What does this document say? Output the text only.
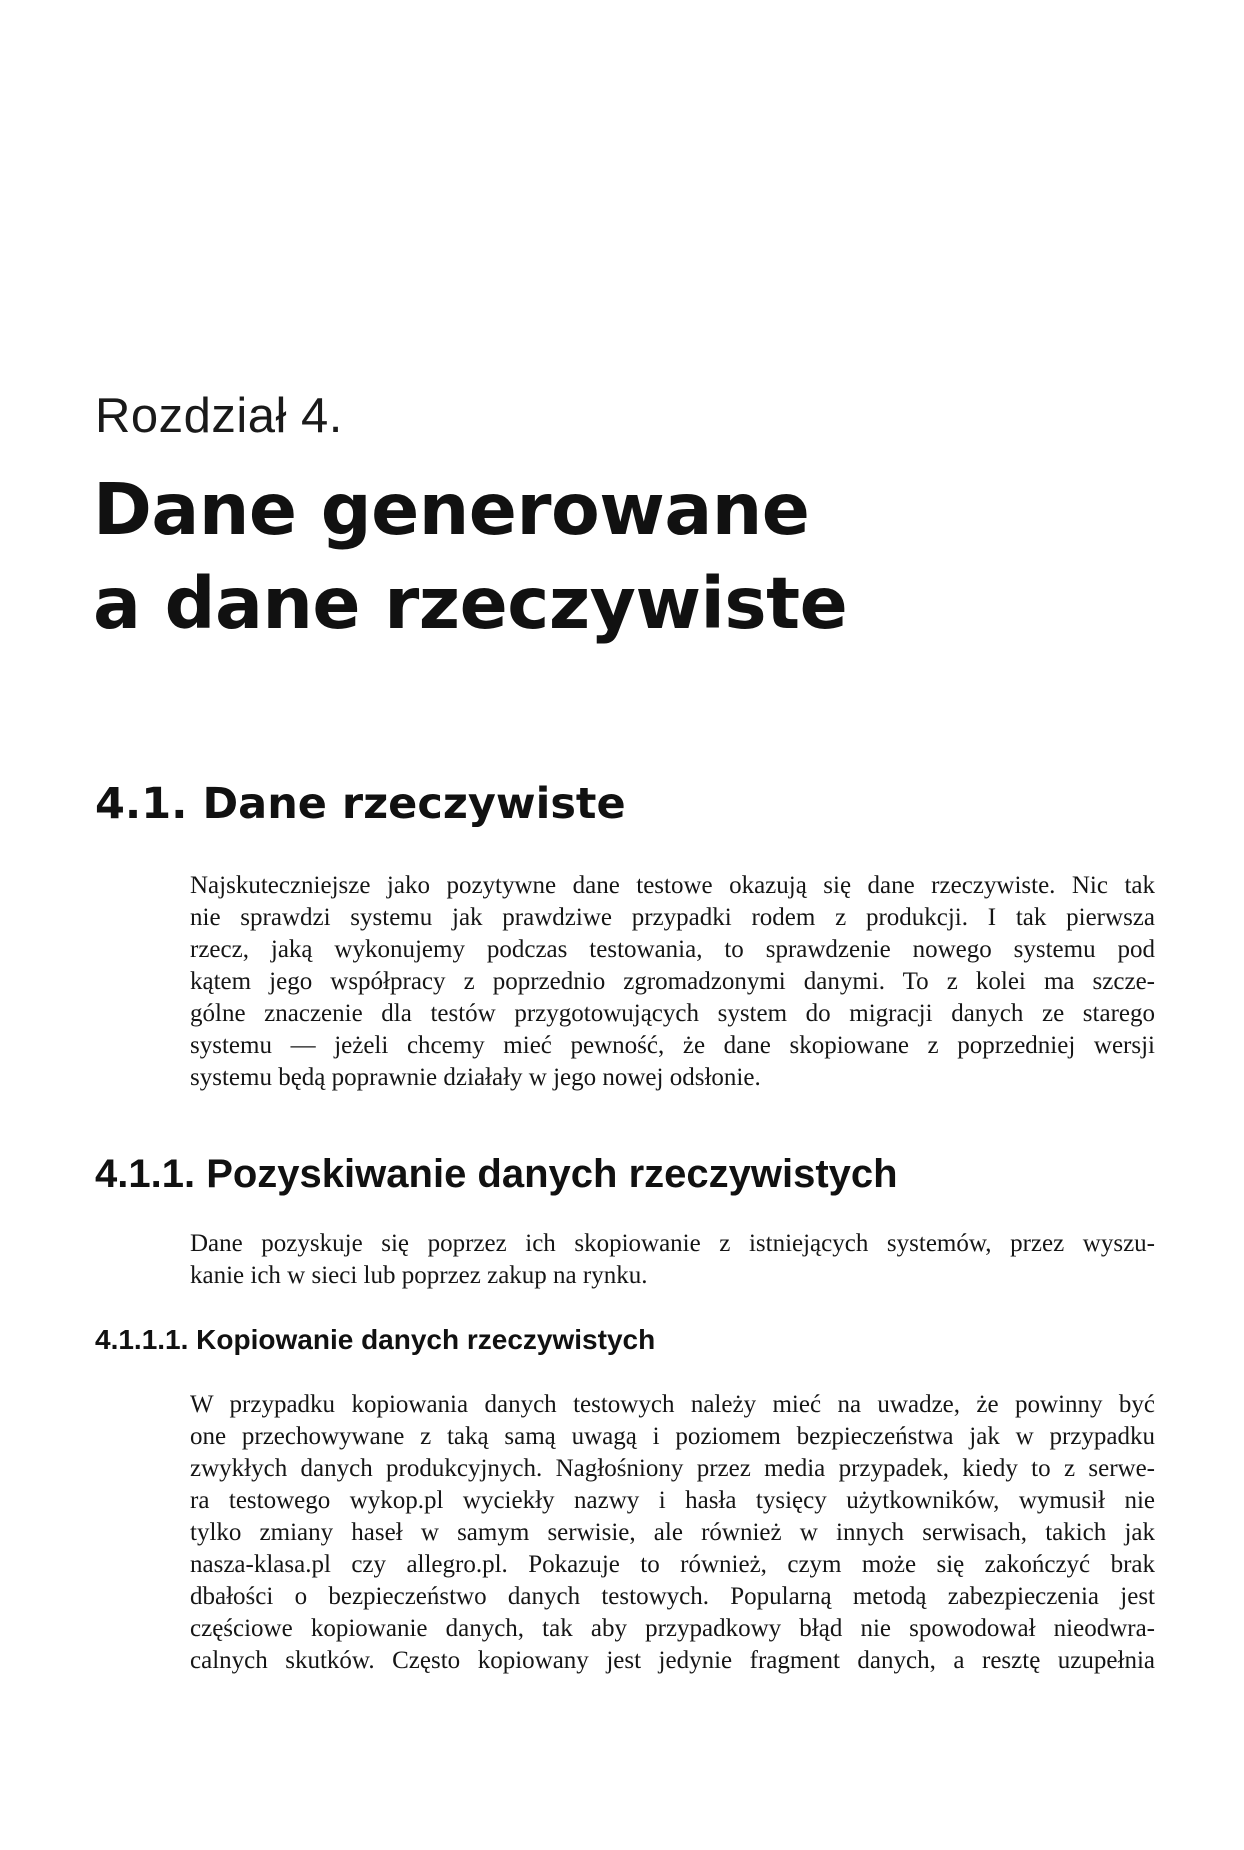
Rozdział 4.
Dane generowane
a dane rzeczywiste
4.1. Dane rzeczywiste

Najskuteczniejsze jako pozytywne dane testowe okazują się dane rzeczywiste. Nic tak
nie sprawdzi systemu jak prawdziwe przypadki rodem z produkcji. I tak pierwsza
rzecz, jaką wykonujemy podczas testowania, to sprawdzenie nowego systemu pod
kątem jego współpracy z poprzednio zgromadzonymi danymi. To z kolei ma szcze-
gólne znaczenie dla testów przygotowujących system do migracji danych ze starego
systemu — jeżeli chcemy mieć pewność, że dane skopiowane z poprzedniej wersji
systemu będą poprawnie działały w jego nowej odsłonie.

4.1.1. Pozyskiwanie danych rzeczywistych

Dane pozyskuje się poprzez ich skopiowanie z istniejących systemów, przez wyszu-
kanie ich w sieci lub poprzez zakup na rynku.

4.1.1.1. Kopiowanie danych rzeczywistych

W przypadku kopiowania danych testowych należy mieć na uwadze, że powinny być
one przechowywane z taką samą uwagą i poziomem bezpieczeństwa jak w przypadku
zwykłych danych produkcyjnych. Nagłośniony przez media przypadek, kiedy to z serwe-
ra testowego wykop.pl wyciekły nazwy i hasła tysięcy użytkowników, wymusił nie
tylko zmiany haseł w samym serwisie, ale również w innych serwisach, takich jak
nasza-klasa.pl czy allegro.pl. Pokazuje to również, czym może się zakończyć brak
dbałości o bezpieczeństwo danych testowych. Popularną metodą zabezpieczenia jest
częściowe kopiowanie danych, tak aby przypadkowy błąd nie spowodował nieodwra-
calnych skutków. Często kopiowany jest jedynie fragment danych, a resztę uzupełnia
